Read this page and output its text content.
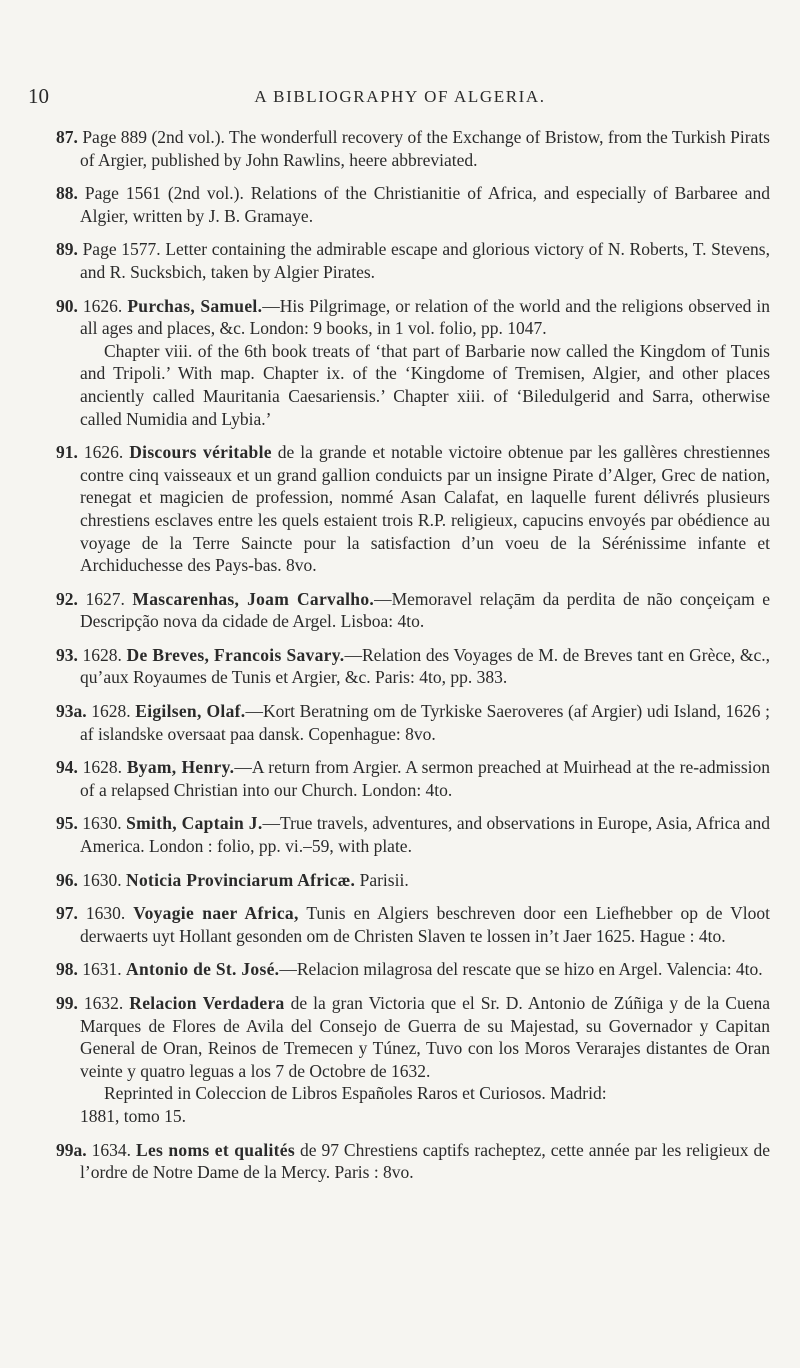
10	A BIBLIOGRAPHY OF ALGERIA.

87. Page 889 (2nd vol.). The wonderfull recovery of the Exchange of Bristow, from the Turkish Pirats of Argier, published by John Rawlins, heere abbreviated.

88. Page 1561 (2nd vol.). Relations of the Christianitie of Africa, and especially of Barbaree and Algier, written by J. B. Gramaye.

89. Page 1577. Letter containing the admirable escape and glorious victory of N. Roberts, T. Stevens, and R. Sucksbich, taken by Algier Pirates.

90. 1626. Purchas, Samuel.—His Pilgrimage, or relation of the world and the religions observed in all ages and places, &c. London: 9 books, in 1 vol. folio, pp. 1047.

Chapter viii. of the 6th book treats of ‘that part of Barbarie now called the Kingdom of Tunis and Tripoli.’ With map. Chapter ix. of the ‘Kingdome of Tremisen, Algier, and other places anciently called Mauritania Caesariensis.’ Chapter xiii. of ‘Biledulgerid and Sarra, otherwise called Numidia and Lybia.’

91. 1626. Discours véritable de la grande et notable victoire obtenue par les gallères chrestiennes contre cinq vaisseaux et un grand gallion conduicts par un insigne Pirate d’Alger, Grec de nation, renegat et magicien de profession, nommé Asan Calafat, en laquelle furent délivrés plusieurs chrestiens esclaves entre les quels estaient trois R.P. religieux, capucins envoyés par obédience au voyage de la Terre Saincte pour la satisfaction d’un voeu de la Sérénissime infante et Archiduchesse des Pays-bas. 8vo.

92. 1627. Mascarenhas, Joam Carvalho.—Memoravel relaçām da perdita de não conçeiçam e Descripção nova da cidade de Argel. Lisboa: 4to.

93. 1628. De Breves, Francois Savary.—Relation des Voyages de M. de Breves tant en Grèce, &c., qu’aux Royaumes de Tunis et Argier, &c. Paris: 4to, pp. 383.

93a. 1628. Eigilsen, Olaf.—Kort Beratning om de Tyrkiske Saeroveres (af Argier) udi Island, 1626 ; af islandske oversaat paa dansk. Copenhague: 8vo.

94. 1628. Byam, Henry.—A return from Argier. A sermon preached at Muirhead at the re-admission of a relapsed Christian into our Church. London: 4to.

95. 1630. Smith, Captain J.—True travels, adventures, and observations in Europe, Asia, Africa and America. London : folio, pp. vi.–59, with plate.

96. 1630. Noticia Provinciarum Africæ. Parisii.

97. 1630. Voyagie naer Africa, Tunis en Algiers beschreven door een Liefhebber op de Vloot derwaerts uyt Hollant gesonden om de Christen Slaven te lossen in’t Jaer 1625. Hague : 4to.

98. 1631. Antonio de St. José.—Relacion milagrosa del rescate que se hizo en Argel. Valencia: 4to.

99. 1632. Relacion Verdadera de la gran Victoria que el Sr. D. Antonio de Zúñiga y de la Cuena Marques de Flores de Avila del Consejo de Guerra de su Majestad, su Governador y Capitan General de Oran, Reinos de Tremecen y Túnez, Tuvo con los Moros Verarajes distantes de Oran veinte y quatro leguas a los 7 de Octobre de 1632.

Reprinted in Coleccion de Libros Españoles Raros et Curiosos. Madrid:

1881, tomo 15.

99a. 1634. Les noms et qualités de 97 Chrestiens captifs racheptez, cette année par les religieux de l’ordre de Notre Dame de la Mercy. Paris : 8vo.
